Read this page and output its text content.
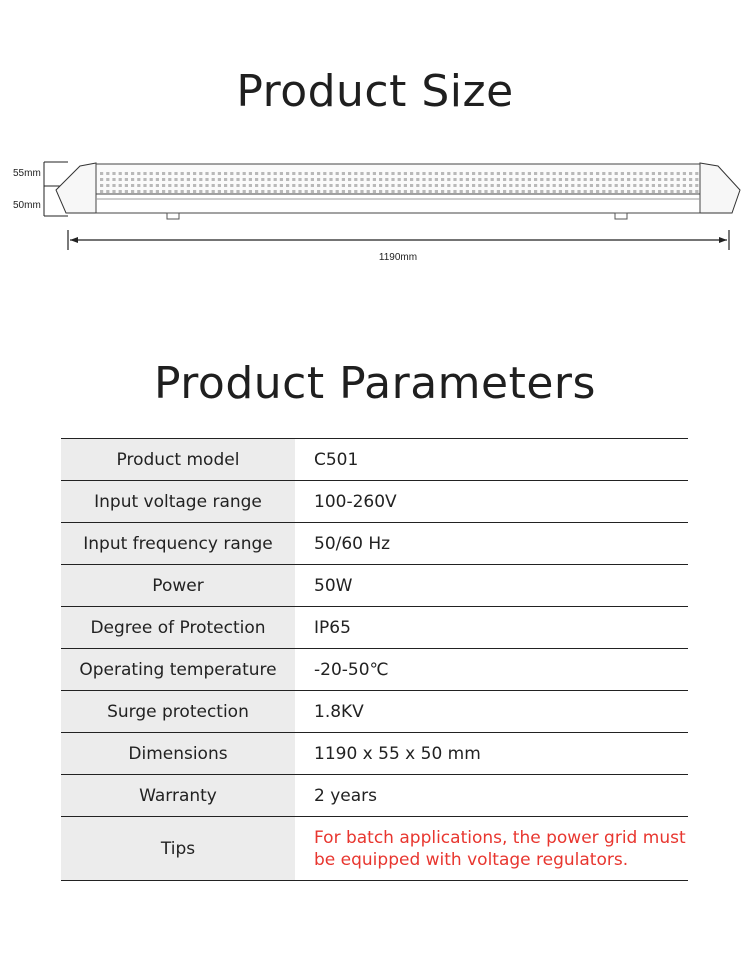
Product Size
55mm
50mm
1190mm
Product Parameters
Product model	C501
Input voltage range	100-260V
Input frequency range	50/60 Hz
Power	50W
Degree of Protection	IP65
Operating temperature	-20-50℃
Surge protection	1.8KV
Dimensions	1190 x 55 x 50 mm
Warranty	2 years
Tips	For batch applications, the power grid must be equipped with voltage regulators.
